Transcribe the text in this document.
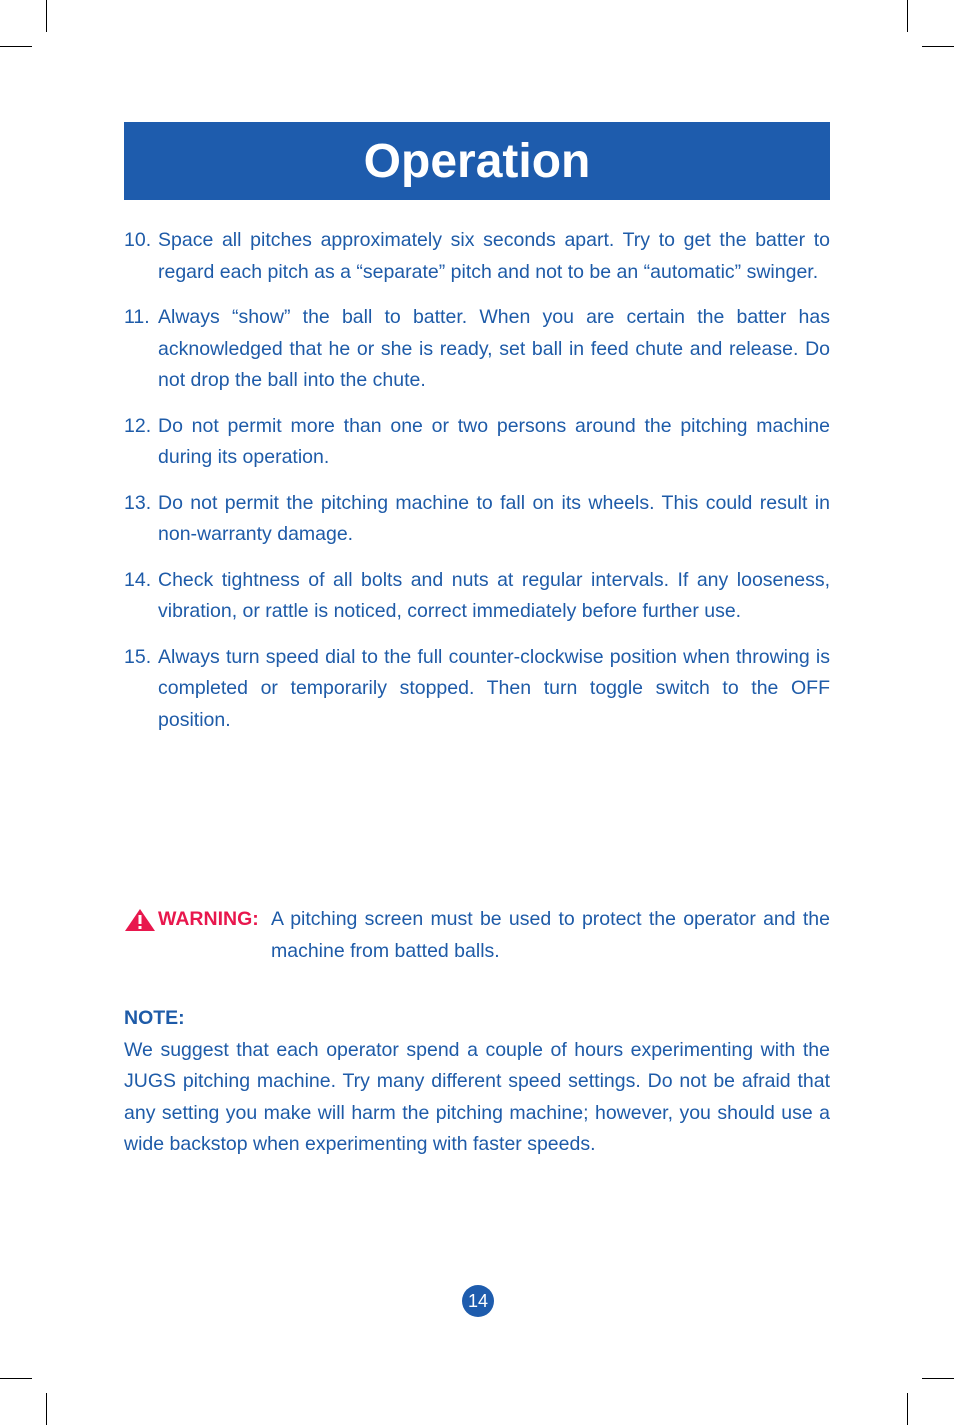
Operation
10. Space all pitches approximately six seconds apart. Try to get the batter to regard each pitch as a “separate” pitch and not to be an “automatic” swinger.
11. Always “show” the ball to batter. When you are certain the batter has acknowledged that he or she is ready, set ball in feed chute and release. Do not drop the ball into the chute.
12. Do not permit more than one or two persons around the pitching machine during its operation.
13. Do not permit the pitching machine to fall on its wheels. This could result in non-warranty damage.
14. Check tightness of all bolts and nuts at regular intervals. If any looseness, vibration, or rattle is noticed, correct immediately before further use.
15. Always turn speed dial to the full counter-clockwise position when throwing is completed or temporarily stopped. Then turn toggle switch to the OFF position.
WARNING: A pitching screen must be used to protect the operator and the machine from batted balls.
NOTE:
We suggest that each operator spend a couple of hours experimenting with the JUGS pitching machine. Try many different speed settings. Do not be afraid that any setting you make will harm the pitching machine; however, you should use a wide backstop when experimenting with faster speeds.
14
